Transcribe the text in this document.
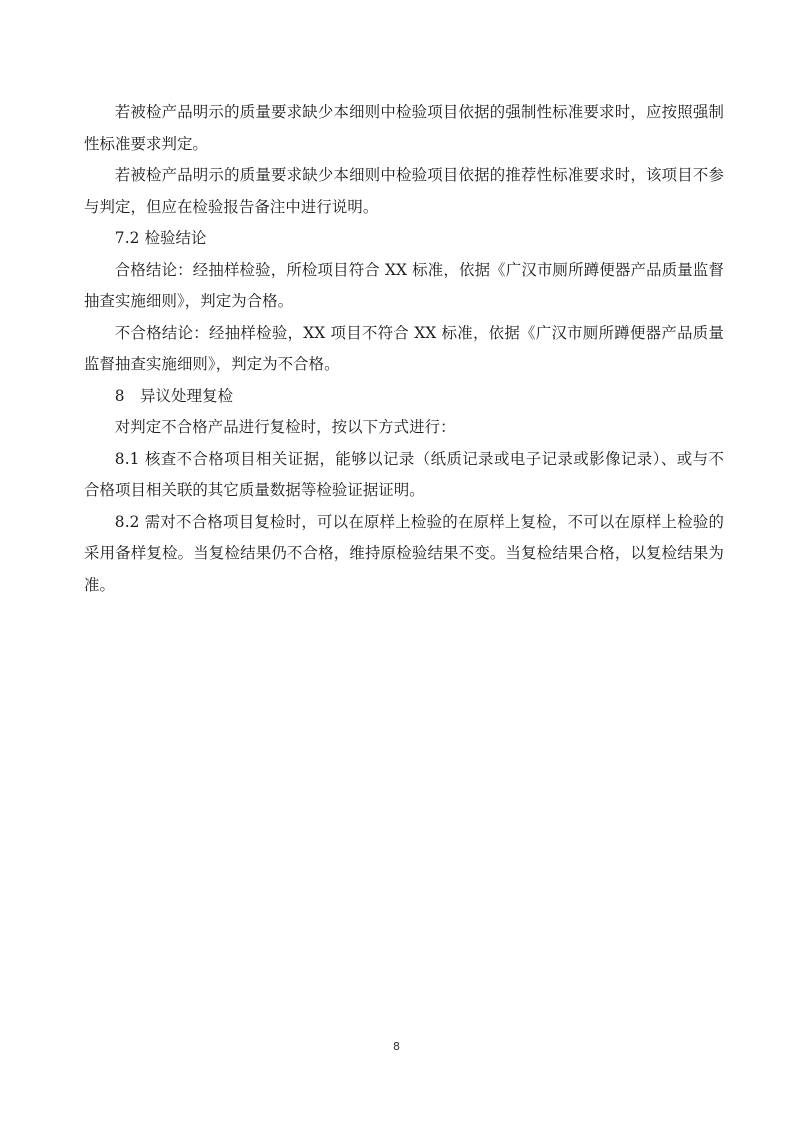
若被检产品明示的质量要求缺少本细则中检验项目依据的强制性标准要求时，应按照强制性标准要求判定。

若被检产品明示的质量要求缺少本细则中检验项目依据的推荐性标准要求时，该项目不参与判定，但应在检验报告备注中进行说明。

7.2 检验结论

合格结论：经抽样检验，所检项目符合 XX 标准，依据《广汉市厕所蹲便器产品质量监督抽查实施细则》，判定为合格。

不合格结论：经抽样检验，XX 项目不符合 XX 标准，依据《广汉市厕所蹲便器产品质量监督抽查实施细则》，判定为不合格。

8　异议处理复检

对判定不合格产品进行复检时，按以下方式进行：

8.1 核查不合格项目相关证据，能够以记录（纸质记录或电子记录或影像记录）、或与不合格项目相关联的其它质量数据等检验证据证明。

8.2 需对不合格项目复检时，可以在原样上检验的在原样上复检，不可以在原样上检验的采用备样复检。当复检结果仍不合格，维持原检验结果不变。当复检结果合格，以复检结果为准。

8
